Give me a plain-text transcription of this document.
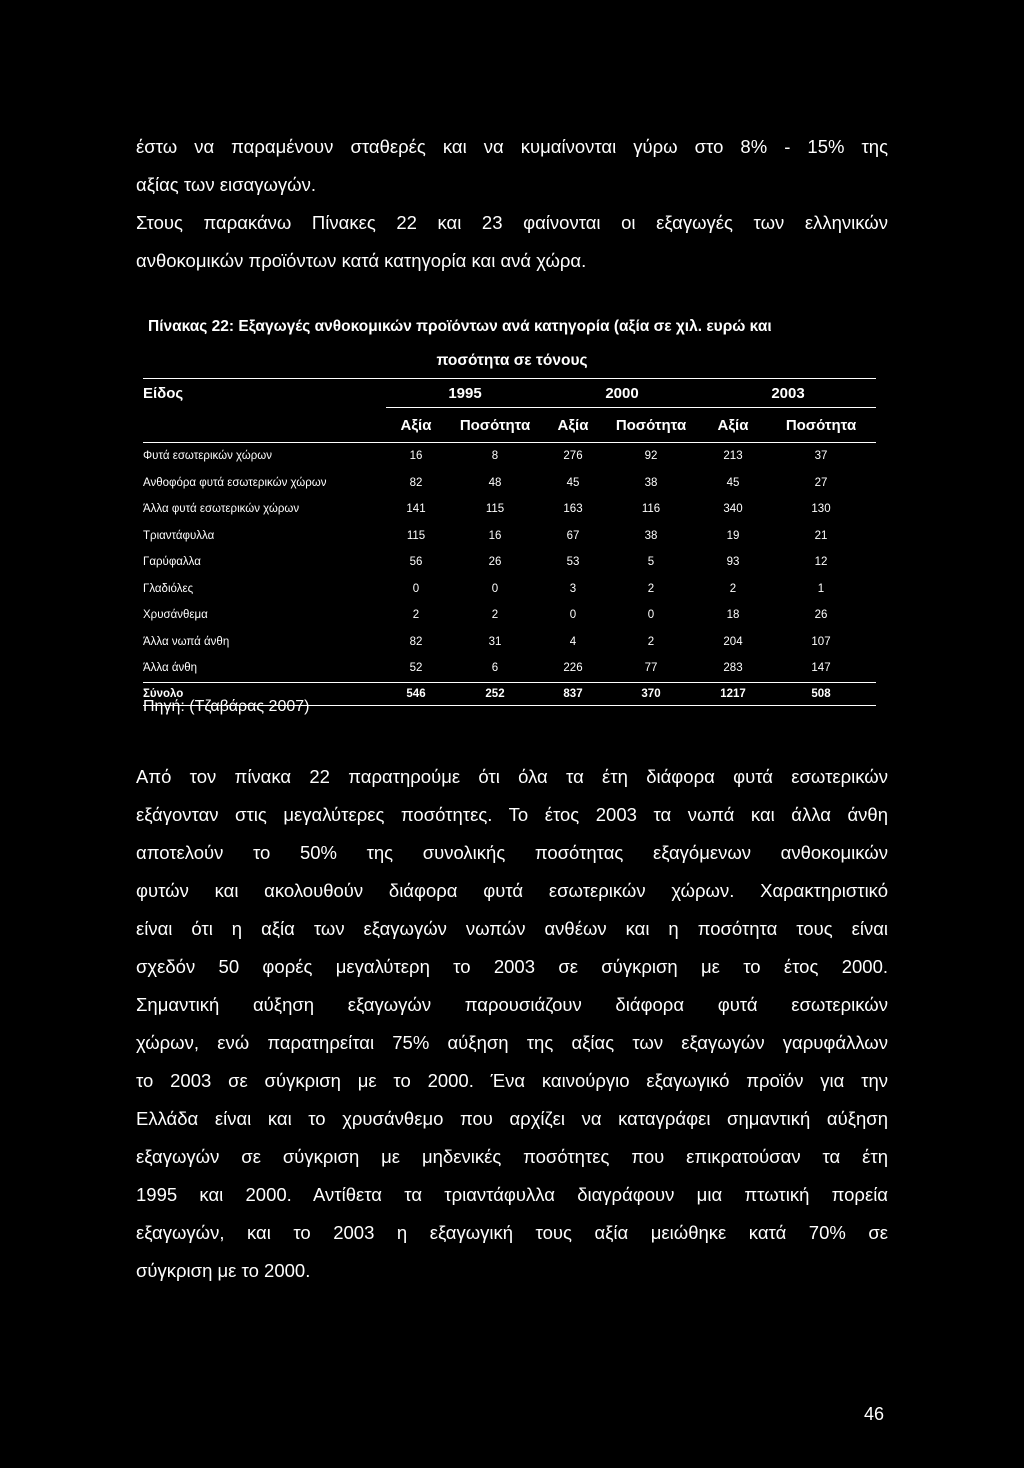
έστω να παραμένουν σταθερές και να κυμαίνονται γύρω στο 8% - 15% της
αξίας των εισαγωγών.
Στους παρακάνω Πίνακες 22 και 23 φαίνονται οι εξαγωγές των ελληνικών
ανθοκομικών προϊόντων κατά κατηγορία και ανά χώρα.
Πίνακας 22: Εξαγωγές ανθοκομικών προϊόντων ανά κατηγορία (αξία σε χιλ. ευρώ και
ποσότητα σε τόνους
Είδος	1995		2000		2003	
	Αξία	Ποσότητα	Αξία	Ποσότητα	Αξία	Ποσότητα
Φυτά εσωτερικών χώρων	16	8	276	92	213	37
Ανθοφόρα φυτά εσωτερικών χώρων	82	48	45	38	45	27
Άλλα φυτά εσωτερικών χώρων	141	115	163	116	340	130
Τριαντάφυλλα	115	16	67	38	19	21
Γαρύφαλλα	56	26	53	5	93	12
Γλαδιόλες	0	0	3	2	2	1
Χρυσάνθεμα	2	2	0	0	18	26
Άλλα νωπά άνθη	82	31	4	2	204	107
Άλλα άνθη	52	6	226	77	283	147
Σύνολο	546	252	837	370	1217	508
Πηγή: (Τζαβάρας 2007)
Από τον πίνακα 22 παρατηρούμε ότι όλα τα έτη διάφορα φυτά εσωτερικών
εξάγονταν στις μεγαλύτερες ποσότητες. Το έτος 2003 τα νωπά και άλλα άνθη
αποτελούν το 50% της συνολικής ποσότητας εξαγόμενων ανθοκομικών
φυτών και ακολουθούν διάφορα φυτά εσωτερικών χώρων. Χαρακτηριστικό
είναι ότι η αξία των εξαγωγών νωπών ανθέων και η ποσότητα τους είναι
σχεδόν 50 φορές μεγαλύτερη το 2003 σε σύγκριση με το έτος 2000.
Σημαντική αύξηση εξαγωγών παρουσιάζουν διάφορα φυτά εσωτερικών
χώρων, ενώ παρατηρείται 75% αύξηση της αξίας των εξαγωγών γαρυφάλλων
το 2003 σε σύγκριση με το 2000. Ένα καινούργιο εξαγωγικό προϊόν για την
Ελλάδα είναι και το χρυσάνθεμο που αρχίζει να καταγράφει σημαντική αύξηση
εξαγωγών σε σύγκριση με μηδενικές ποσότητες που επικρατούσαν τα έτη
1995 και 2000. Αντίθετα τα τριαντάφυλλα διαγράφουν μια πτωτική πορεία
εξαγωγών, και το 2003 η εξαγωγική τους αξία μειώθηκε κατά 70% σε
σύγκριση με το 2000.
46
